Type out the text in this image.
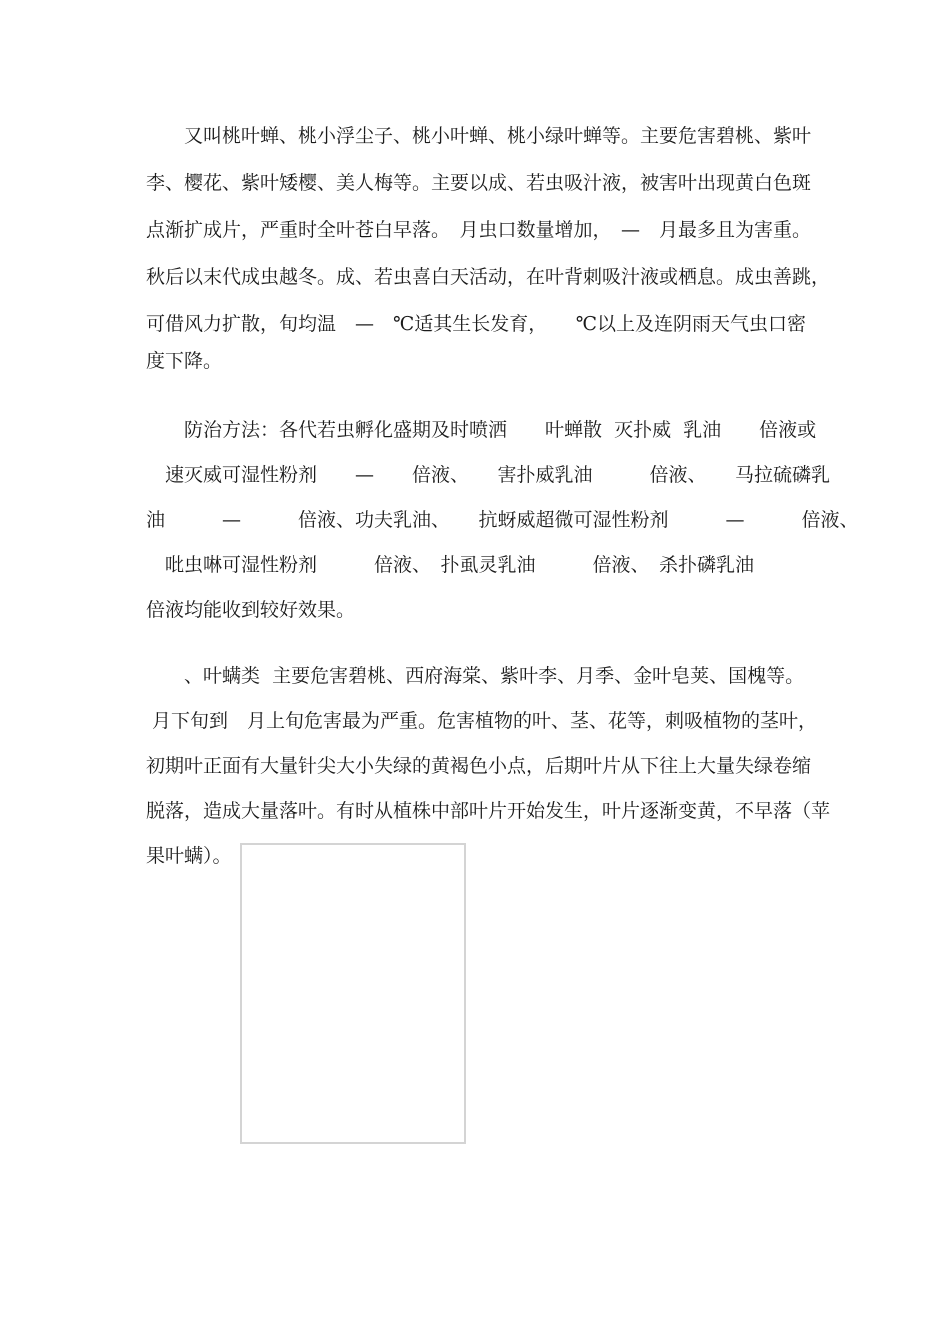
　　又叫桃叶蝉、桃小浮尘子、桃小叶蝉、桃小绿叶蝉等。主要危害碧桃、紫叶
李、樱花、紫叶矮樱、美人梅等。主要以成、若虫吸汁液，被害叶出现黄白色斑
点渐扩成片，严重时全叶苍白早落。　月虫口数量增加，　—　月最多且为害重。
秋后以末代成虫越冬。成、若虫喜白天活动，在叶背刺吸汁液或栖息。成虫善跳，
可借风力扩散，旬均温　—　℃适其生长发育，　　℃以上及连阴雨天气虫口密
度下降。
　　防治方法：各代若虫孵化盛期及时喷洒　　叶蝉散  灭扑威  乳油　　倍液或
　速灭威可湿性粉剂　　—　　倍液、　　害扑威乳油　　　倍液、　　马拉硫磷乳
油　　　—　　　倍液、功夫乳油、　　抗蚜威超微可湿性粉剂　　　—　　　倍液、
　吡虫啉可湿性粉剂　　　倍液、　扑虱灵乳油　　　倍液、　杀扑磷乳油
倍液均能收到较好效果。
　　、叶螨类  主要危害碧桃、西府海棠、紫叶李、月季、金叶皂荚、国槐等。
月下旬到　月上旬危害最为严重。危害植物的叶、茎、花等，刺吸植物的茎叶，
初期叶正面有大量针尖大小失绿的黄褐色小点，后期叶片从下往上大量失绿卷缩
脱落，造成大量落叶。有时从植株中部叶片开始发生，叶片逐渐变黄，不早落（苹
果叶螨）。
